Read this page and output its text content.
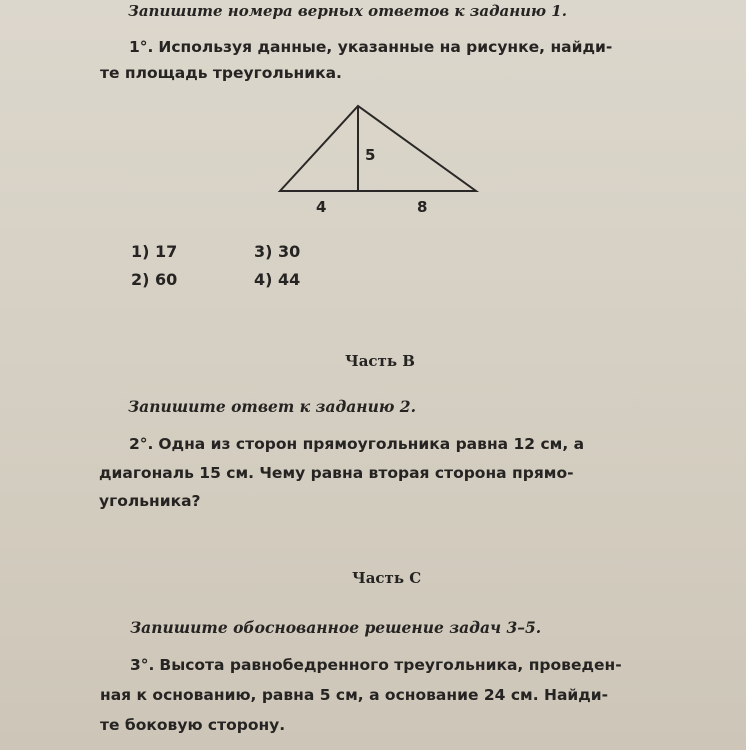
Запишите номера верных ответов к заданию 1.
1°. Используя данные, указанные на рисунке, найди-
те площадь треугольника.
5
4	8
1) 17	3) 30
2) 60	4) 44
Часть В
Запишите ответ к заданию 2.
2°. Одна из сторон прямоугольника равна 12 см, а
диагональ 15 см. Чему равна вторая сторона прямо-
угольника?
Часть С
Запишите обоснованное решение задач 3–5.
3°. Высота равнобедренного треугольника, проведен-
ная к основанию, равна 5 см, а основание 24 см. Найди-
те боковую сторону.
